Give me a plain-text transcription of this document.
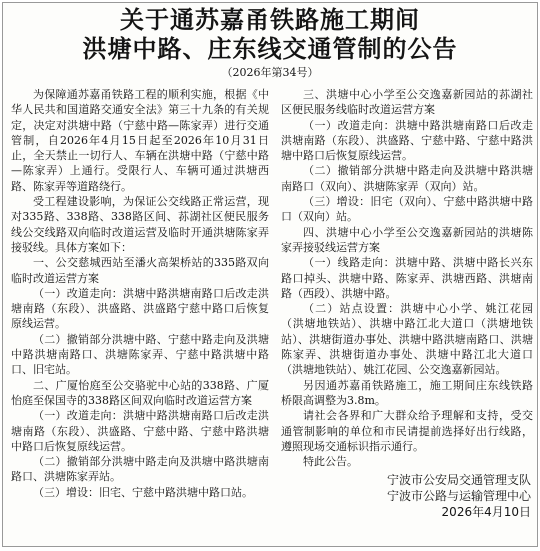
关于通苏嘉甬铁路施工期间
洪塘中路、庄东线交通管制的公告
（2026年第34号）

为保障通苏嘉甬铁路工程的顺利实施，根据《中华人民共和国道路交通安全法》第三十九条的有关规定，决定对洪塘中路（宁慈中路—陈家弄）进行交通管制，自2026年4月15日起至2026年10月31日止，全天禁止一切行人、车辆在洪塘中路（宁慈中路—陈家弄）上通行。受限行人、车辆可通过洪塘西路、陈家弄等道路绕行。

受工程建设影响，为保证公交线路正常运营，现对335路、338路、338路区间、荪湖社区便民服务线公交线路双向临时改道运营及临时开通洪塘陈家弄接驳线。具体方案如下：

一、公交慈城西站至潘火高架桥站的335路双向临时改道运营方案

（一）改道走向：洪塘中路洪塘南路口后改走洪塘南路（东段）、洪盛路、洪盛路宁慈中路口后恢复原线运营。

（二）撤销部分洪塘中路、宁慈中路走向及洪塘中路洪塘南路口、洪塘陈家弄、宁慈中路洪塘中路口、旧宅站。

二、广厦怡庭至公交骆驼中心站的338路、广厦怡庭至保国寺的338路区间双向临时改道运营方案

（一）改道走向：洪塘中路洪塘南路口后改走洪塘南路（东段）、洪盛路、宁慈中路、宁慈中路洪塘中路口后恢复原线运营。

（二）撤销部分洪塘中路走向及洪塘中路洪塘南路口、洪塘陈家弄站。

（三）增设：旧宅、宁慈中路洪塘中路口站。

三、洪塘中心小学至公交逸嘉新园站的荪湖社区便民服务线临时改道运营方案

（一）改道走向：洪塘中路洪塘南路口后改走洪塘南路（东段）、洪盛路、宁慈中路、宁慈中路洪塘中路口后恢复原线运营。

（二）撤销部分洪塘中路走向及洪塘中路洪塘南路口（双向）、洪塘陈家弄（双向）站。

（三）增设：旧宅（双向）、宁慈中路洪塘中路口（双向）站。

四、洪塘中心小学至公交逸嘉新园站的洪塘陈家弄接驳线运营方案

（一）线路走向：洪塘中路、洪塘中路长兴东路口掉头、洪塘中路、陈家弄、洪塘西路、洪塘南路（西段）、洪塘中路。

（二）站点设置：洪塘中心小学、姚江花园（洪塘地铁站）、洪塘中路江北大道口（洪塘地铁站）、洪塘街道办事处、洪塘中路洪塘南路口、洪塘陈家弄、洪塘街道办事处、洪塘中路江北大道口（洪塘地铁站）、姚江花园、公交逸嘉新园站。

另因通苏嘉甬铁路施工，施工期间庄东线铁路桥限高调整为3.8m。

请社会各界和广大群众给予理解和支持，受交通管制影响的单位和市民请提前选择好出行线路，遵照现场交通标识指示通行。

特此公告。

宁波市公安局交通管理支队
宁波市公路与运输管理中心
2026年4月10日
